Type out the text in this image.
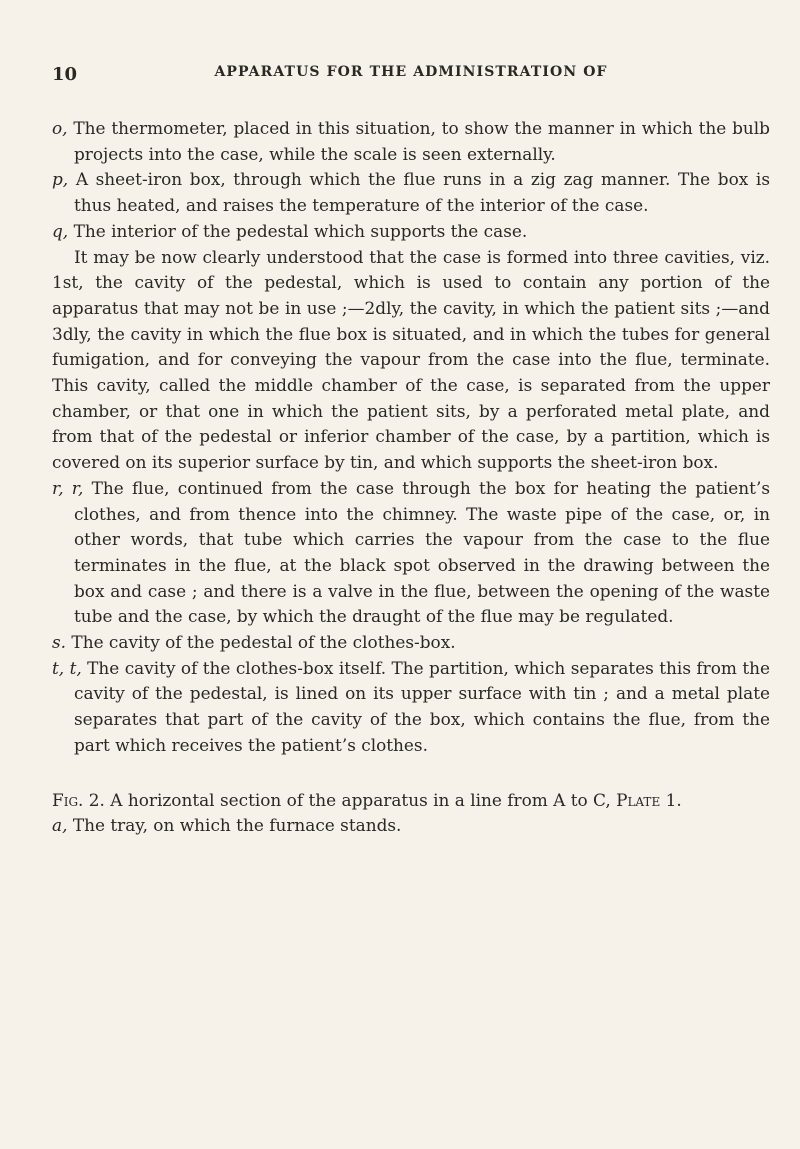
10	APPARATUS FOR THE ADMINISTRATION OF

o, The thermometer, placed in this situation, to show the manner in which the bulb projects into the case, while the scale is seen externally.

p, A sheet-iron box, through which the flue runs in a zig zag manner. The box is thus heated, and raises the temperature of the interior of the case.

q, The interior of the pedestal which supports the case.

It may be now clearly understood that the case is formed into three cavities, viz. 1st, the cavity of the pedestal, which is used to contain any portion of the apparatus that may not be in use ;—2dly, the cavity, in which the patient sits ;—and 3dly, the cavity in which the flue box is situated, and in which the tubes for general fumigation, and for conveying the vapour from the case into the flue, terminate. This cavity, called the middle chamber of the case, is separated from the upper chamber, or that one in which the patient sits, by a perforated metal plate, and from that of the pedestal or inferior chamber of the case, by a partition, which is covered on its superior surface by tin, and which supports the sheet-iron box.

r, r, The flue, continued from the case through the box for heating the patient’s clothes, and from thence into the chimney. The waste pipe of the case, or, in other words, that tube which carries the vapour from the case to the flue terminates in the flue, at the black spot observed in the drawing between the box and case ; and there is a valve in the flue, between the opening of the waste tube and the case, by which the draught of the flue may be regulated.

s. The cavity of the pedestal of the clothes-box.

t, t, The cavity of the clothes-box itself. The partition, which separates this from the cavity of the pedestal, is lined on its upper surface with tin ; and a metal plate separates that part of the cavity of the box, which contains the flue, from the part which receives the patient’s clothes.

Fig. 2. A horizontal section of the apparatus in a line from A to C, Plate 1.

a, The tray, on which the furnace stands.
